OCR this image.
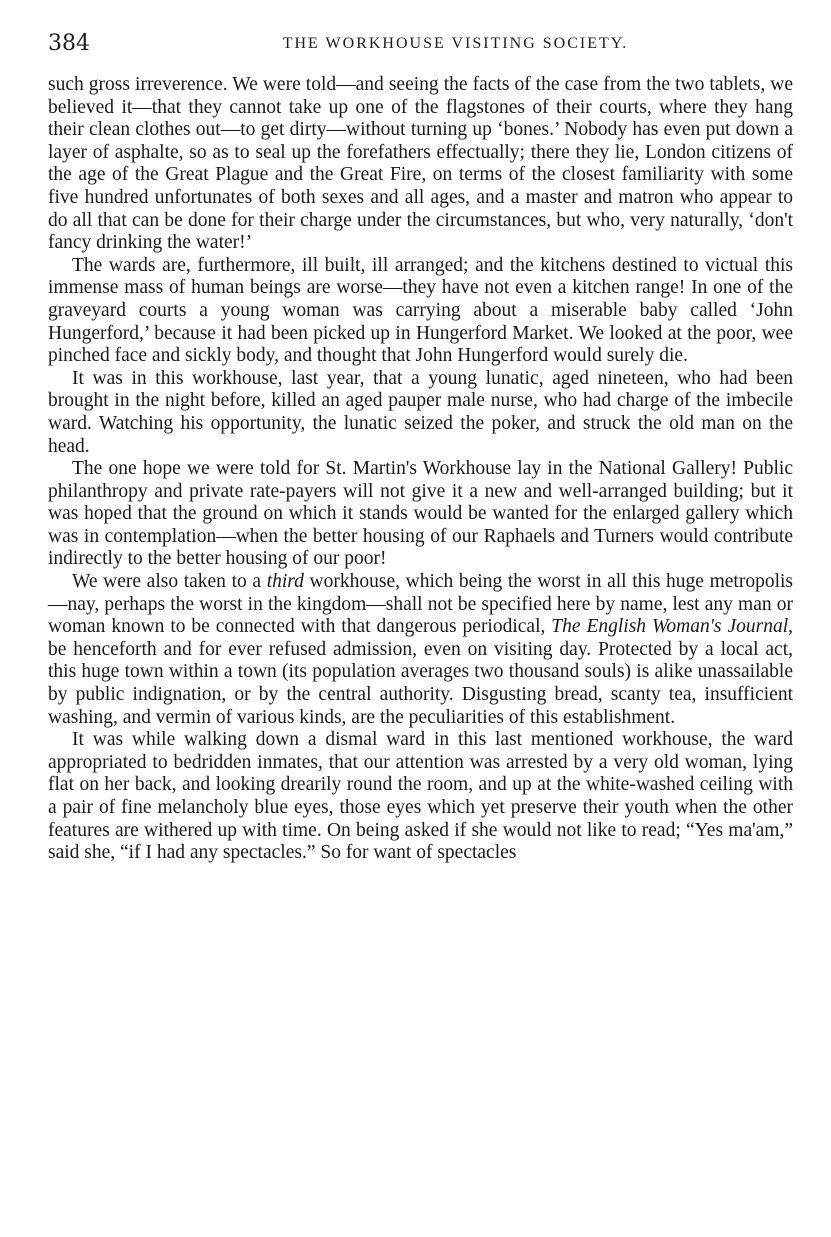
384	THE WORKHOUSE VISITING SOCIETY.

such gross irreverence. We were told—and seeing the facts of the case from the two tablets, we believed it—that they cannot take up one of the flagstones of their courts, where they hang their clean clothes out—to get dirty—without turning up ‘bones.’ Nobody has even put down a layer of asphalte, so as to seal up the forefathers effectually; there they lie, London citizens of the age of the Great Plague and the Great Fire, on terms of the closest familiarity with some five hundred unfortunates of both sexes and all ages, and a master and matron who appear to do all that can be done for their charge under the circumstances, but who, very naturally, ‘don't fancy drinking the water!’

The wards are, furthermore, ill built, ill arranged; and the kitchens destined to victual this immense mass of human beings are worse—they have not even a kitchen range! In one of the graveyard courts a young woman was carrying about a miserable baby called ‘John Hungerford,’ because it had been picked up in Hungerford Market. We looked at the poor, wee pinched face and sickly body, and thought that John Hungerford would surely die.

It was in this workhouse, last year, that a young lunatic, aged nineteen, who had been brought in the night before, killed an aged pauper male nurse, who had charge of the imbecile ward. Watching his opportunity, the lunatic seized the poker, and struck the old man on the head.

The one hope we were told for St. Martin's Workhouse lay in the National Gallery! Public philanthropy and private rate-payers will not give it a new and well-arranged building; but it was hoped that the ground on which it stands would be wanted for the enlarged gallery which was in contemplation—when the better housing of our Raphaels and Turners would contribute indirectly to the better housing of our poor!

We were also taken to a third workhouse, which being the worst in all this huge metropolis—nay, perhaps the worst in the kingdom—shall not be specified here by name, lest any man or woman known to be connected with that dangerous periodical, The English Woman's Journal, be henceforth and for ever refused admission, even on visiting day. Protected by a local act, this huge town within a town (its population averages two thousand souls) is alike unassailable by public indignation, or by the central authority. Disgusting bread, scanty tea, insufficient washing, and vermin of various kinds, are the peculiarities of this establishment.

It was while walking down a dismal ward in this last mentioned workhouse, the ward appropriated to bedridden inmates, that our attention was arrested by a very old woman, lying flat on her back, and looking drearily round the room, and up at the white-washed ceiling with a pair of fine melancholy blue eyes, those eyes which yet preserve their youth when the other features are withered up with time. On being asked if she would not like to read; “Yes ma'am,” said she, “if I had any spectacles.” So for want of spectacles
